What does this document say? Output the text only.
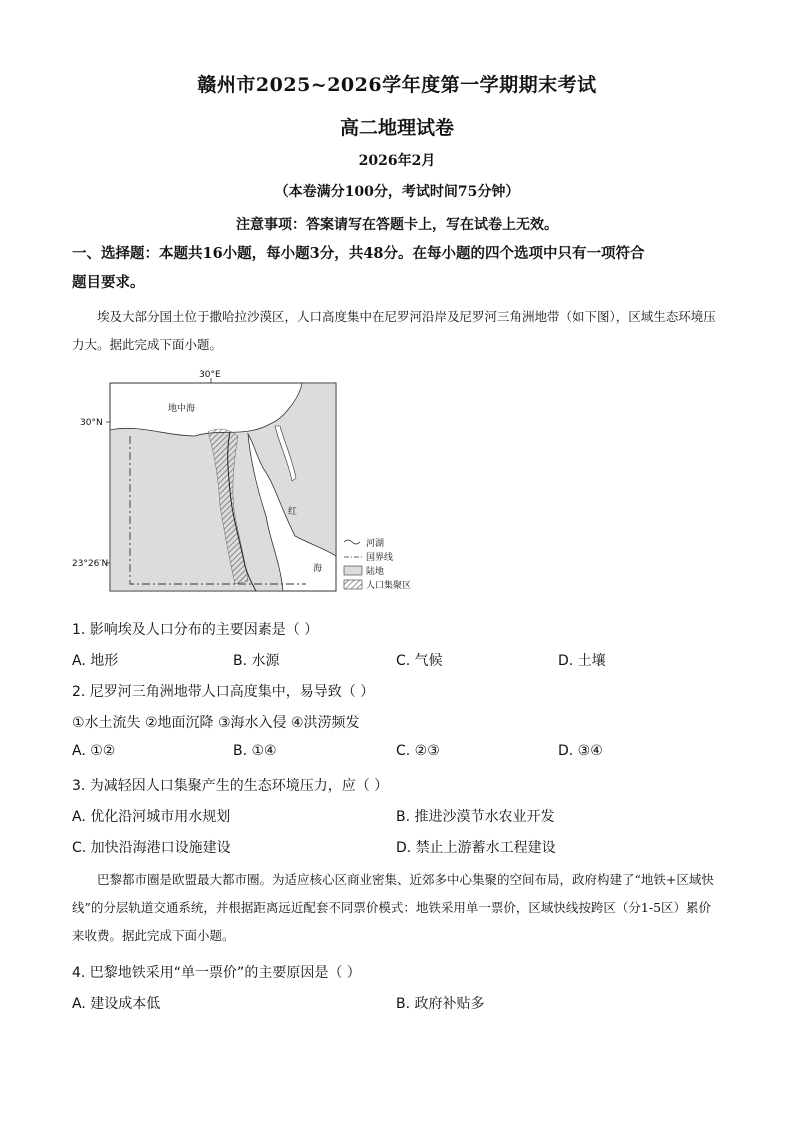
赣州市2025~2026学年度第一学期期末考试
高二地理试卷
2026年2月
（本卷满分100分，考试时间75分钟）
注意事项：答案请写在答题卡上，写在试卷上无效。
一、选择题：本题共16小题，每小题3分，共48分。在每小题的四个选项中只有一项符合
题目要求。
埃及大部分国土位于撒哈拉沙漠区，人口高度集中在尼罗河沿岸及尼罗河三角洲地带（如下图），区域生态环境压力大。据此完成下面小题。
30°E
30°N
23°26′N
地中海
红
海
河湖
国界线
陆地
人口集聚区
1. 影响埃及人口分布的主要因素是（ ）
A. 地形	B. 水源	C. 气候	D. 土壤
2. 尼罗河三角洲地带人口高度集中，易导致（ ）
①水土流失 ②地面沉降 ③海水入侵 ④洪涝频发
A. ①②	B. ①④	C. ②③	D. ③④
3. 为减轻因人口集聚产生的生态环境压力，应（ ）
A. 优化沿河城市用水规划	B. 推进沙漠节水农业开发
C. 加快沿海港口设施建设	D. 禁止上游蓄水工程建设
巴黎都市圈是欧盟最大都市圈。为适应核心区商业密集、近郊多中心集聚的空间布局，政府构建了“地铁+区域快线”的分层轨道交通系统，并根据距离远近配套不同票价模式：地铁采用单一票价，区域快线按跨区（分1-5区）累价来收费。据此完成下面小题。
4. 巴黎地铁采用“单一票价”的主要原因是（ ）
A. 建设成本低	B. 政府补贴多
